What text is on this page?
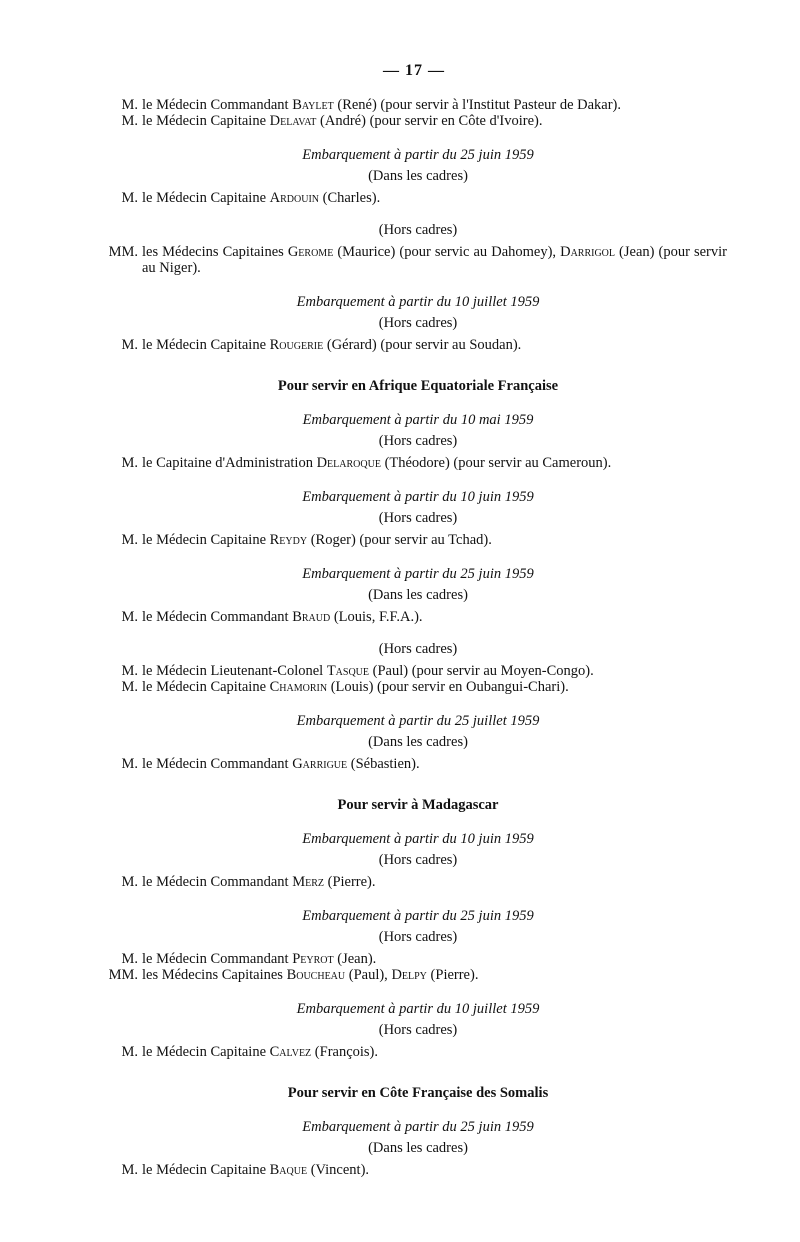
— 17 —
M. le Médecin Commandant Baylet (René) (pour servir à l'Institut Pasteur de Dakar).
M. le Médecin Capitaine Delavat (André) (pour servir en Côte d'Ivoire).
Embarquement à partir du 25 juin 1959
(Dans les cadres)
M. le Médecin Capitaine Ardouin (Charles).
(Hors cadres)
MM. les Médecins Capitaines Gerome (Maurice) (pour servic au Dahomey), Darrigol (Jean) (pour servir au Niger).
Embarquement à partir du 10 juillet 1959
(Hors cadres)
M. le Médecin Capitaine Rougerie (Gérard) (pour servir au Soudan).
Pour servir en Afrique Equatoriale Française
Embarquement à partir du 10 mai 1959
(Hors cadres)
M. le Capitaine d'Administration Delaroque (Théodore) (pour servir au Cameroun).
Embarquement à partir du 10 juin 1959
(Hors cadres)
M. le Médecin Capitaine Reydy (Roger) (pour servir au Tchad).
Embarquement à partir du 25 juin 1959
(Dans les cadres)
M. le Médecin Commandant Braud (Louis, F.F.A.).
(Hors cadres)
M. le Médecin Lieutenant-Colonel Tasque (Paul) (pour servir au Moyen-Congo).
M. le Médecin Capitaine Chamorin (Louis) (pour servir en Oubangui-Chari).
Embarquement à partir du 25 juillet 1959
(Dans les cadres)
M. le Médecin Commandant Garrigue (Sébastien).
Pour servir à Madagascar
Embarquement à partir du 10 juin 1959
(Hors cadres)
M. le Médecin Commandant Merz (Pierre).
Embarquement à partir du 25 juin 1959
(Hors cadres)
M. le Médecin Commandant Peyrot (Jean).
MM. les Médecins Capitaines Boucheau (Paul), Delpy (Pierre).
Embarquement à partir du 10 juillet 1959
(Hors cadres)
M. le Médecin Capitaine Calvez (François).
Pour servir en Côte Française des Somalis
Embarquement à partir du 25 juin 1959
(Dans les cadres)
M. le Médecin Capitaine Baque (Vincent).
